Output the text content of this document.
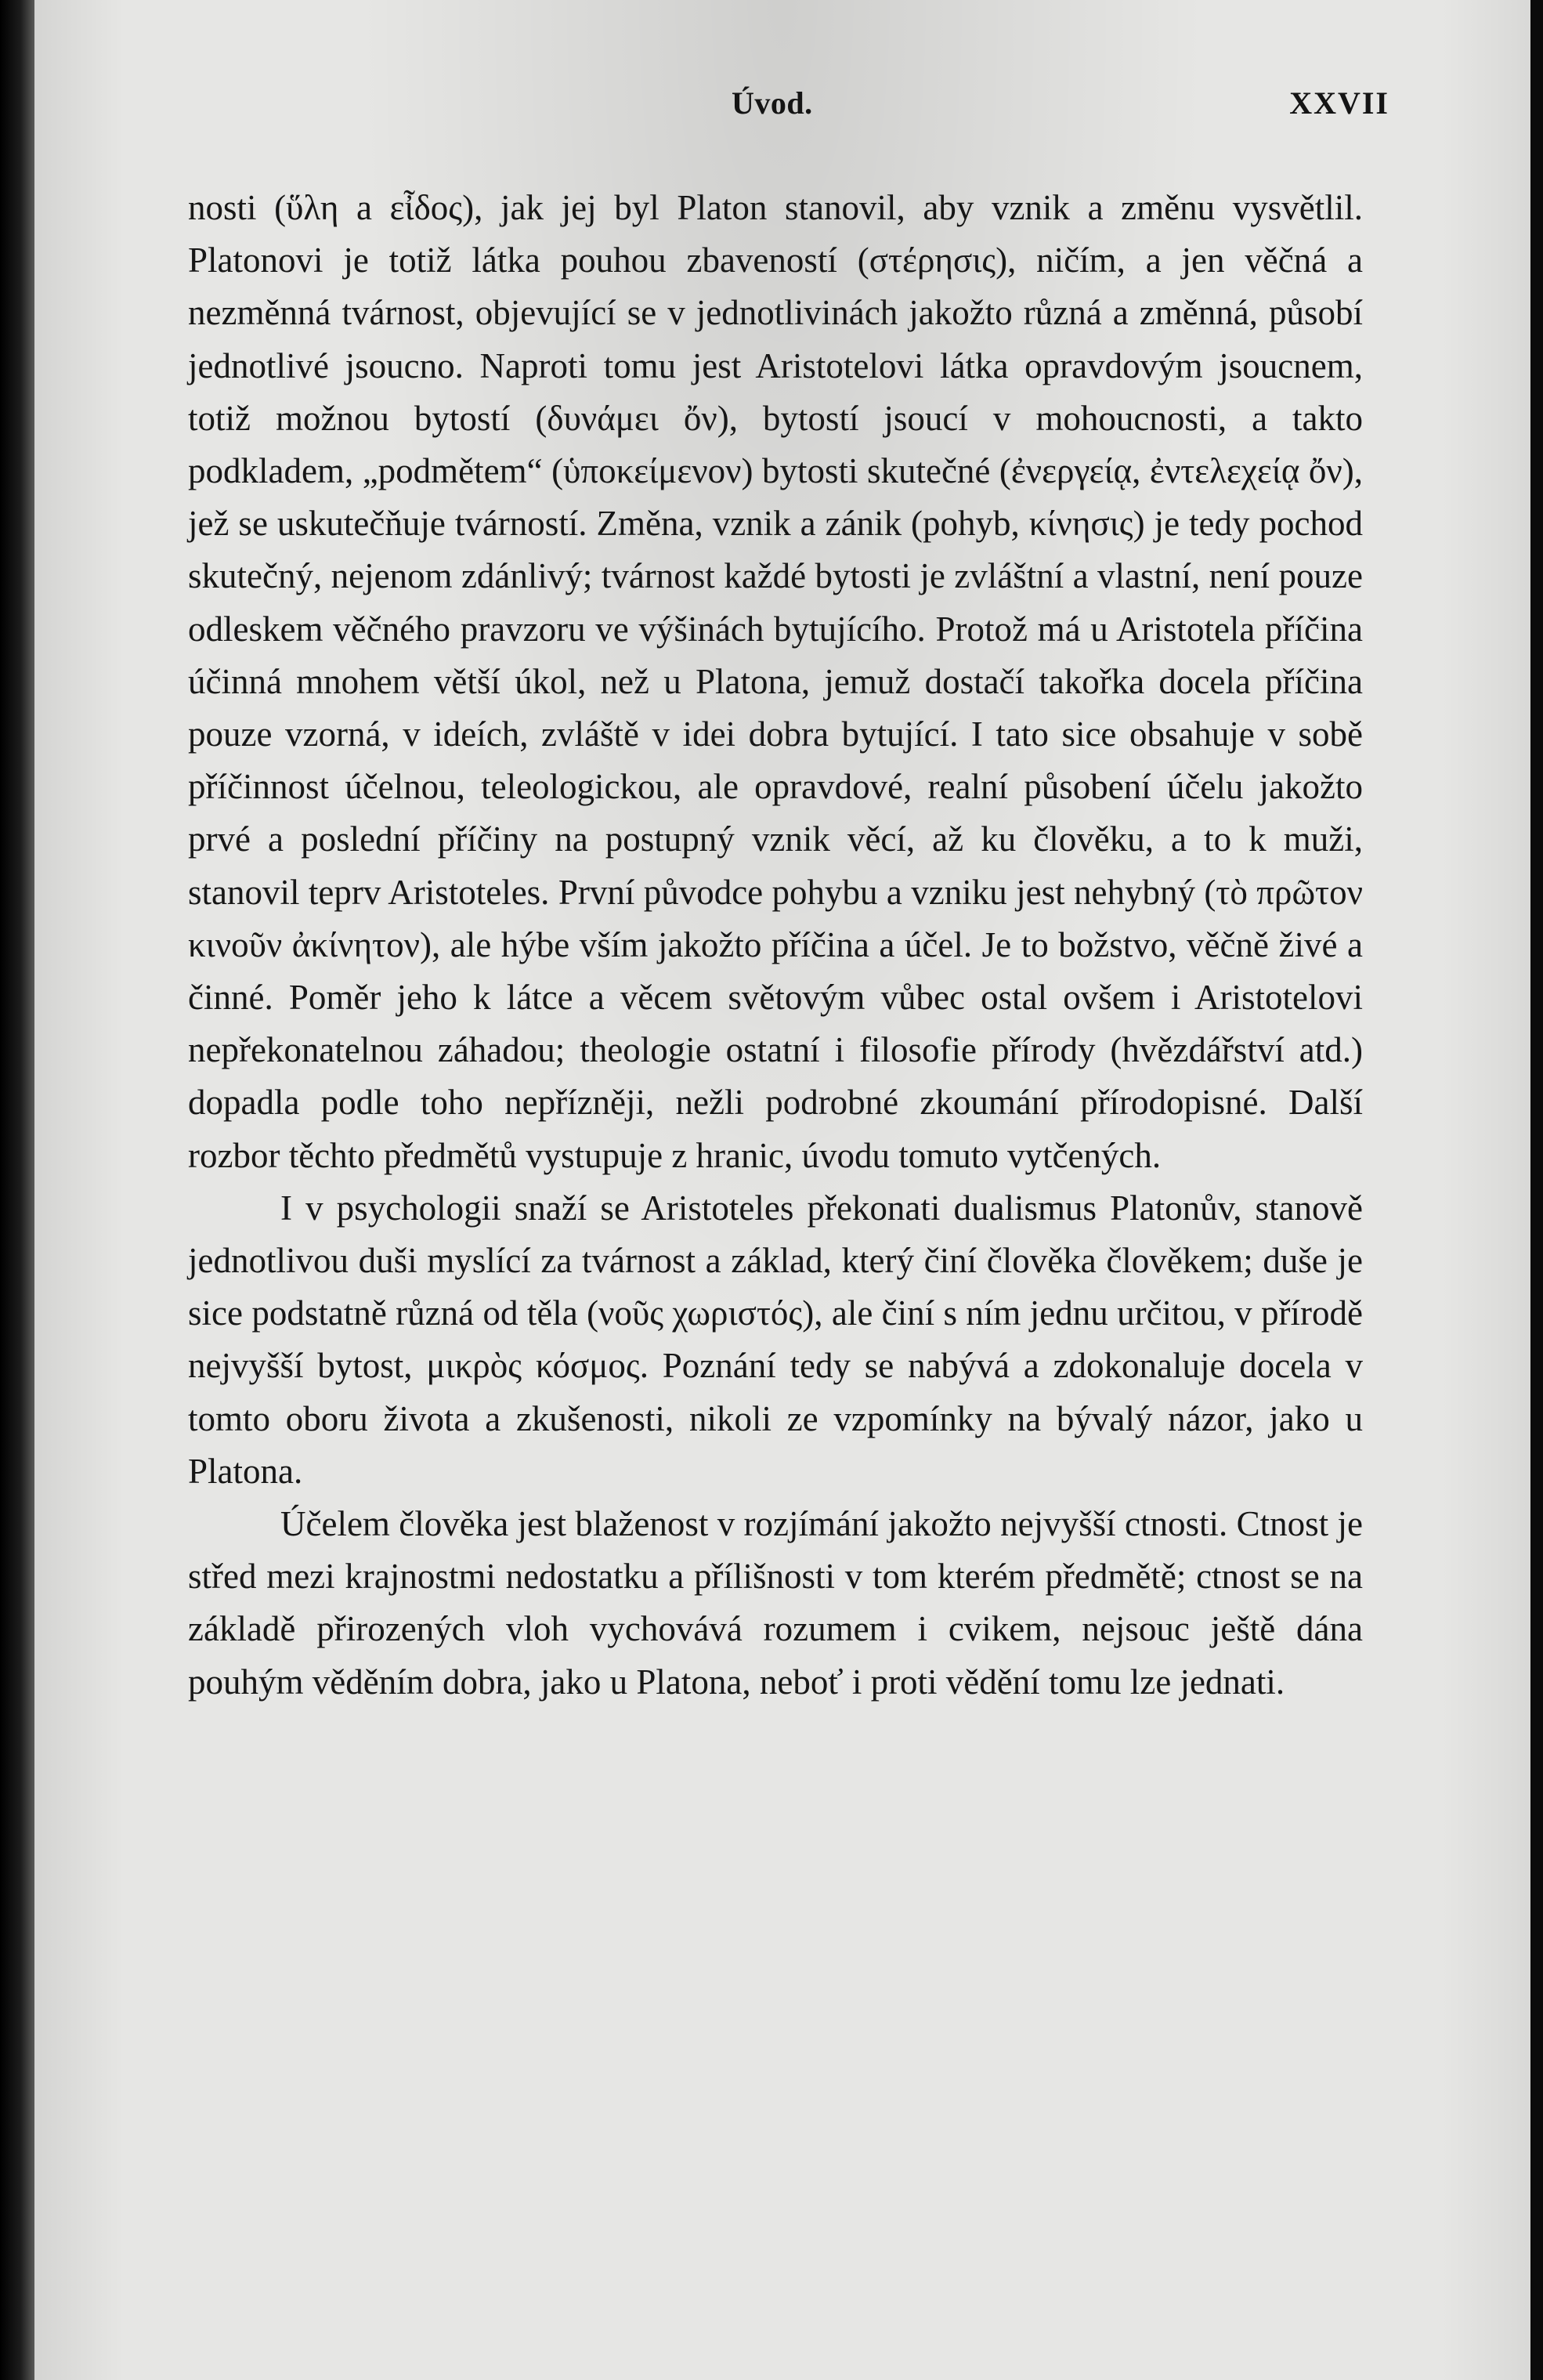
Úvod.	XXVII

nosti (ὕλη a εἶδος), jak jej byl Platon stanovil, aby vznik a změnu vysvětlil. Platonovi je totiž látka pouhou zbaveností (στέρησις), ničím, a jen věčná a nezměnná tvárnost, objevující se v jednotlivinách jakožto různá a změnná, působí jednotlivé jsoucno. Naproti tomu jest Aristotelovi látka opravdovým jsoucnem, totiž možnou bytostí (δυνάμει ὄν), bytostí jsoucí v mohoucnosti, a takto podkladem, „podmětem“ (ὑποκείμενον) bytosti skutečné (ἐνεργείᾳ, ἐντελεχείᾳ ὄν), jež se uskutečňuje tvárností. Změna, vznik a zánik (pohyb, κίνησις) je tedy pochod skutečný, nejenom zdánlivý; tvárnost každé bytosti je zvláštní a vlastní, není pouze odleskem věčného pravzoru ve výšinách bytujícího. Protož má u Aristotela příčina účinná mnohem větší úkol, než u Platona, jemuž dostačí takořka docela příčina pouze vzorná, v ideích, zvláště v idei dobra bytující. I tato sice obsahuje v sobě příčinnost účelnou, teleologickou, ale opravdové, realní působení účelu jakožto prvé a poslední příčiny na postupný vznik věcí, až ku člověku, a to k muži, stanovil teprv Aristoteles. První původce pohybu a vzniku jest nehybný (τὸ πρῶτον κινοῦν ἀκίνητον), ale hýbe vším jakožto příčina a účel. Je to božstvo, věčně živé a činné. Poměr jeho k látce a věcem světovým vůbec ostal ovšem i Aristotelovi nepřekonatelnou záhadou; theologie ostatní i filosofie přírody (hvězdářství atd.) dopadla podle toho nepřízněji, nežli podrobné zkoumání přírodopisné. Další rozbor těchto předmětů vystupuje z hranic, úvodu tomuto vytčených.

I v psychologii snaží se Aristoteles překonati dualismus Platonův, stanově jednotlivou duši myslící za tvárnost a základ, který činí člověka člověkem; duše je sice podstatně různá od těla (νοῦς χωριστός), ale činí s ním jednu určitou, v přírodě nejvyšší bytost, μικρὸς κόσμος. Poznání tedy se nabývá a zdokonaluje docela v tomto oboru života a zkušenosti, nikoli ze vzpomínky na bývalý názor, jako u Platona.

Účelem člověka jest blaženost v rozjímání jakožto nejvyšší ctnosti. Ctnost je střed mezi krajnostmi nedostatku a přílišnosti v tom kterém předmětě; ctnost se na základě přirozených vloh vychovává rozumem i cvikem, nejsouc ještě dána pouhým věděním dobra, jako u Platona, neboť i proti vědění tomu lze jednati.
